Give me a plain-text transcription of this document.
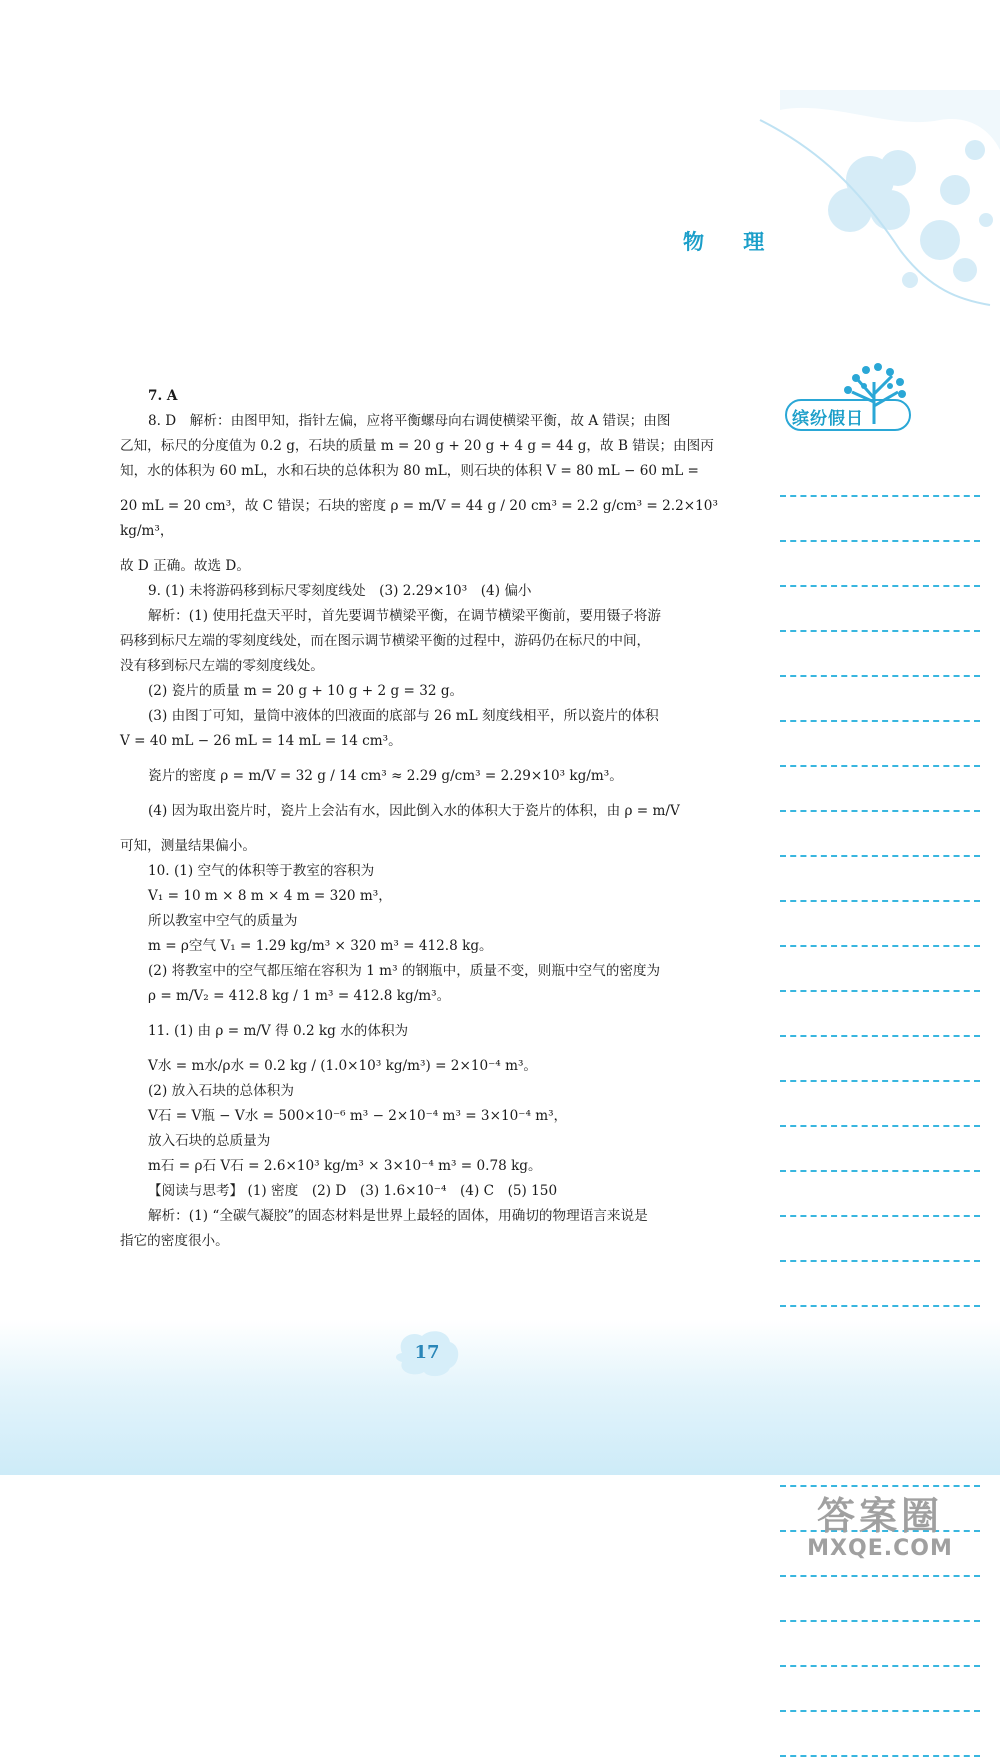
物 理
缤纷假日

7. A

8. D　解析：由图甲知，指针左偏，应将平衡螺母向右调使横梁平衡，故 A 错误；由图

乙知，标尺的分度值为 0.2 g，石块的质量 m = 20 g + 20 g + 4 g = 44 g，故 B 错误；由图丙

知，水的体积为 60 mL，水和石块的总体积为 80 mL，则石块的体积 V = 80 mL − 60 mL =

20 mL = 20 cm³，故 C 错误；石块的密度 ρ = m/V = 44 g / 20 cm³ = 2.2 g/cm³ = 2.2×10³ kg/m³，

故 D 正确。故选 D。

9. (1) 未将游码移到标尺零刻度线处　(3) 2.29×10³　(4) 偏小

解析：(1) 使用托盘天平时，首先要调节横梁平衡，在调节横梁平衡前，要用镊子将游

码移到标尺左端的零刻度线处，而在图示调节横梁平衡的过程中，游码仍在标尺的中间，

没有移到标尺左端的零刻度线处。

(2) 瓷片的质量 m = 20 g + 10 g + 2 g = 32 g。

(3) 由图丁可知，量筒中液体的凹液面的底部与 26 mL 刻度线相平，所以瓷片的体积

V = 40 mL − 26 mL = 14 mL = 14 cm³。

瓷片的密度 ρ = m/V = 32 g / 14 cm³ ≈ 2.29 g/cm³ = 2.29×10³ kg/m³。

(4) 因为取出瓷片时，瓷片上会沾有水，因此倒入水的体积大于瓷片的体积，由 ρ = m/V

可知，测量结果偏小。

10. (1) 空气的体积等于教室的容积为

V₁ = 10 m × 8 m × 4 m = 320 m³，

所以教室中空气的质量为

m = ρ空气 V₁ = 1.29 kg/m³ × 320 m³ = 412.8 kg。

(2) 将教室中的空气都压缩在容积为 1 m³ 的钢瓶中，质量不变，则瓶中空气的密度为

ρ = m/V₂ = 412.8 kg / 1 m³ = 412.8 kg/m³。

11. (1) 由 ρ = m/V 得 0.2 kg 水的体积为

V水 = m水/ρ水 = 0.2 kg / (1.0×10³ kg/m³) = 2×10⁻⁴ m³。

(2) 放入石块的总体积为

V石 = V瓶 − V水 = 500×10⁻⁶ m³ − 2×10⁻⁴ m³ = 3×10⁻⁴ m³，

放入石块的总质量为

m石 = ρ石 V石 = 2.6×10³ kg/m³ × 3×10⁻⁴ m³ = 0.78 kg。

【阅读与思考】 (1) 密度　(2) D　(3) 1.6×10⁻⁴　(4) C　(5) 150

解析：(1) “全碳气凝胶”的固态材料是世界上最轻的固体，用确切的物理语言来说是

指它的密度很小。

17
答案圈
MXQE.COM
